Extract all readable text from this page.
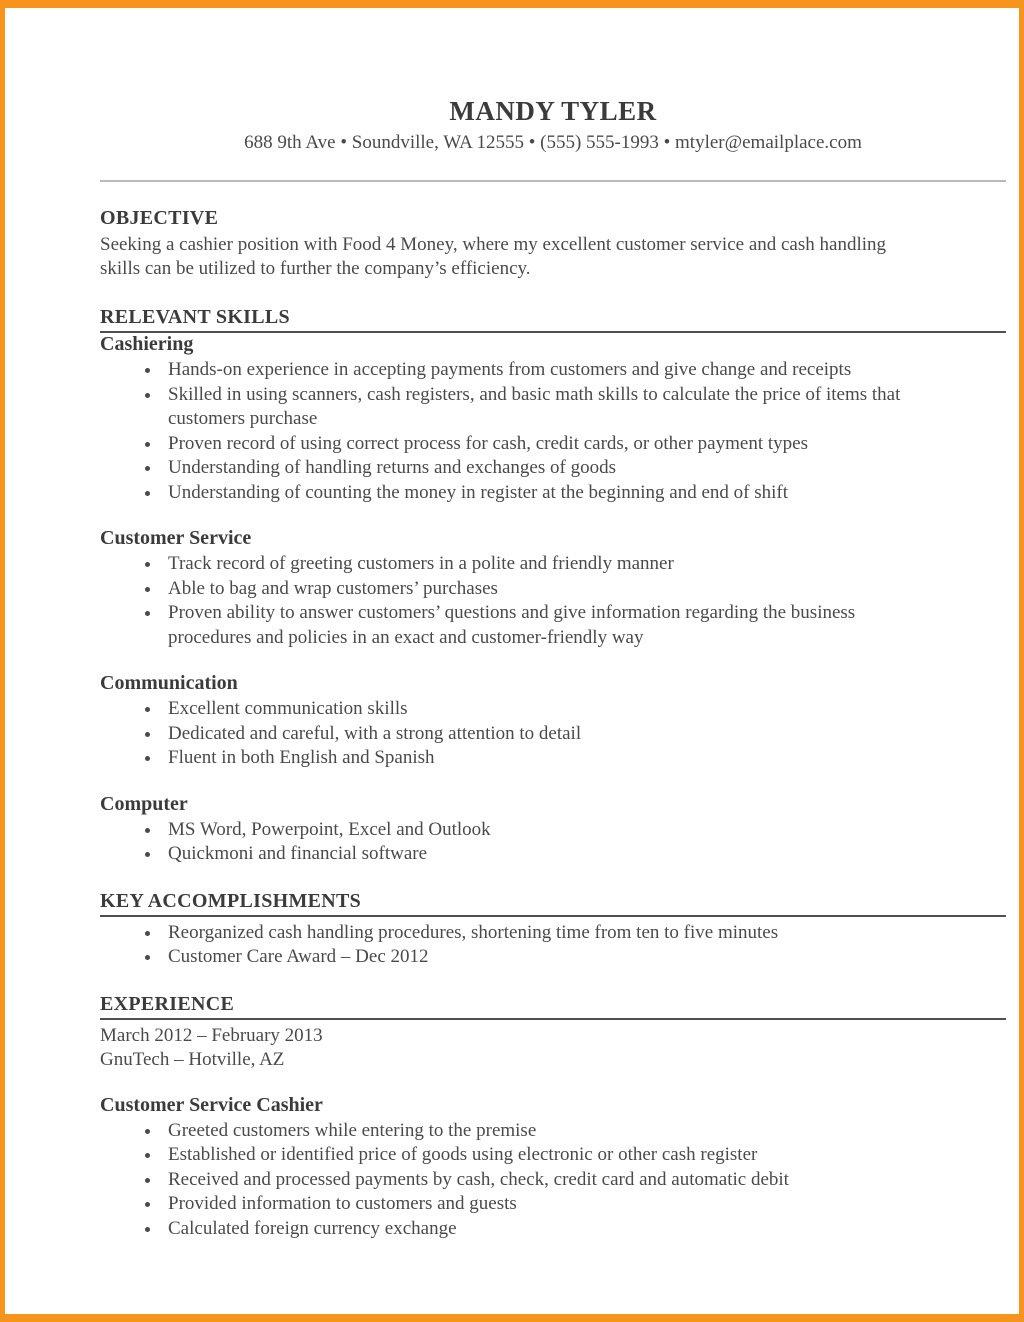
MANDY TYLER
688 9th Ave • Soundville, WA 12555 • (555) 555-1993 • mtyler@emailplace.com
OBJECTIVE
Seeking a cashier position with Food 4 Money, where my excellent customer service and cash handling skills can be utilized to further the company’s efficiency.
RELEVANT SKILLS
Cashiering
• Hands-on experience in accepting payments from customers and give change and receipts
• Skilled in using scanners, cash registers, and basic math skills to calculate the price of items that customers purchase
• Proven record of using correct process for cash, credit cards, or other payment types
• Understanding of handling returns and exchanges of goods
• Understanding of counting the money in register at the beginning and end of shift
Customer Service
• Track record of greeting customers in a polite and friendly manner
• Able to bag and wrap customers’ purchases
• Proven ability to answer customers’ questions and give information regarding the business procedures and policies in an exact and customer-friendly way
Communication
• Excellent communication skills
• Dedicated and careful, with a strong attention to detail
• Fluent in both English and Spanish
Computer
• MS Word, Powerpoint, Excel and Outlook
• Quickmoni and financial software
KEY ACCOMPLISHMENTS
• Reorganized cash handling procedures, shortening time from ten to five minutes
• Customer Care Award – Dec 2012
EXPERIENCE
March 2012 – February 2013
GnuTech – Hotville, AZ
Customer Service Cashier
• Greeted customers while entering to the premise
• Established or identified price of goods using electronic or other cash register
• Received and processed payments by cash, check, credit card and automatic debit
• Provided information to customers and guests
• Calculated foreign currency exchange
